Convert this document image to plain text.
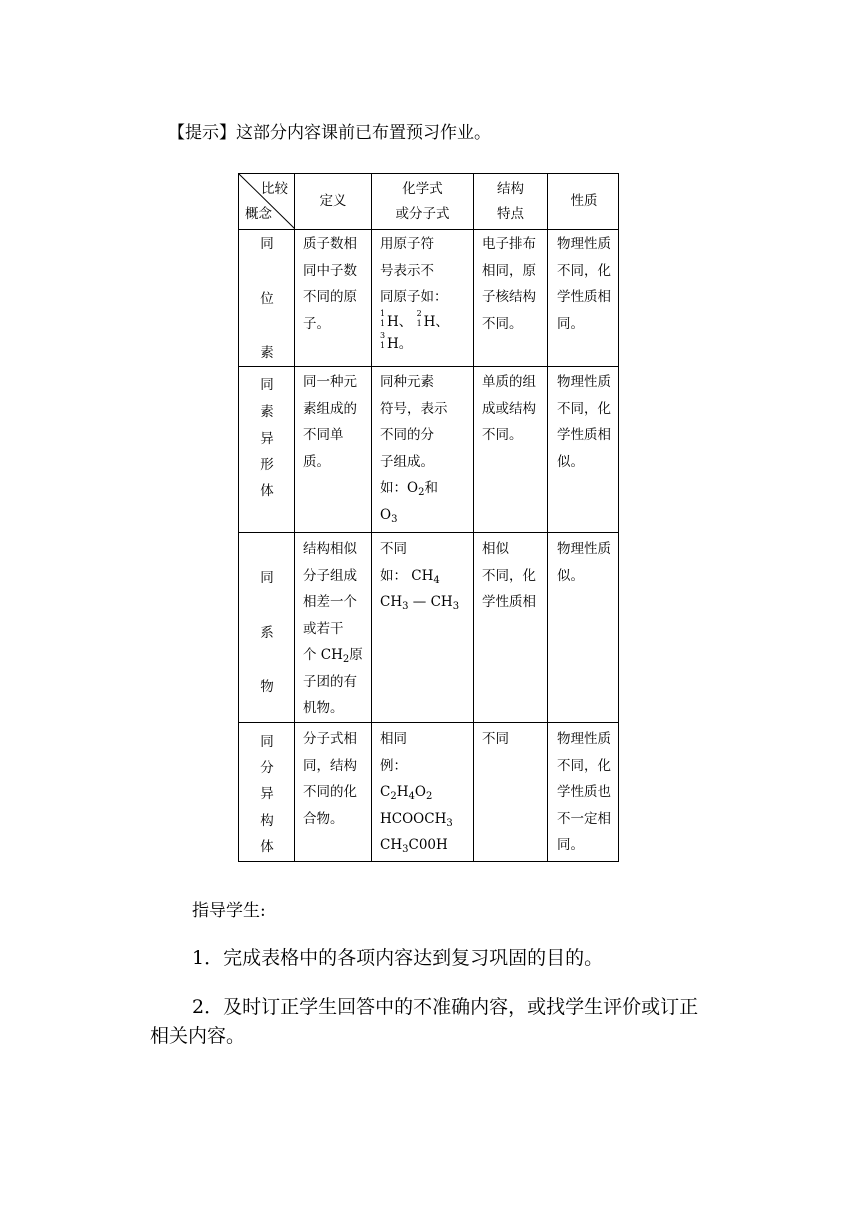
【提示】这部分内容课前已布置预习作业。
比较
概念
定义
化学式
或分子式
结构
特点
性质
同
位
素
质子数相
同中子数
不同的原
子。
用原子符
号表示不
同原子如：
1
1 H、
2
1 H、
3
1 H。
电子排布
相同，原
子核结构
不同。
物理性质
不同，化
学性质相
同。
同
素
异
形
体
同一种元
素组成的
不同单
质。
同种元素
符号，表示
不同的分
子组成。
如：$O_2$和
$O_3$
单质的组
成或结构
不同。
物理性质
不同，化
学性质相
似。
同
系
物
结构相似
分子组成
相差一个
或若干
个 $CH_2$原
子团的有
机物。
不同
如： $CH_4$
$CH_3$ — $CH_3$
相似
不同，化
学性质相
物理性质
似。
同
分
异
构
体
分子式相
同，结构
不同的化
合物。
相同
例：
$C_2H_4O_2$
$HCOOCH_3$
$CH_3C00H$
不同	物理性质
不同，化
学性质也
不一定相
同。
指导学生:
1．完成表格中的各项内容达到复习巩固的目的。
2．及时订正学生回答中的不准确内容，或找学生评价或订正
相关内容。
